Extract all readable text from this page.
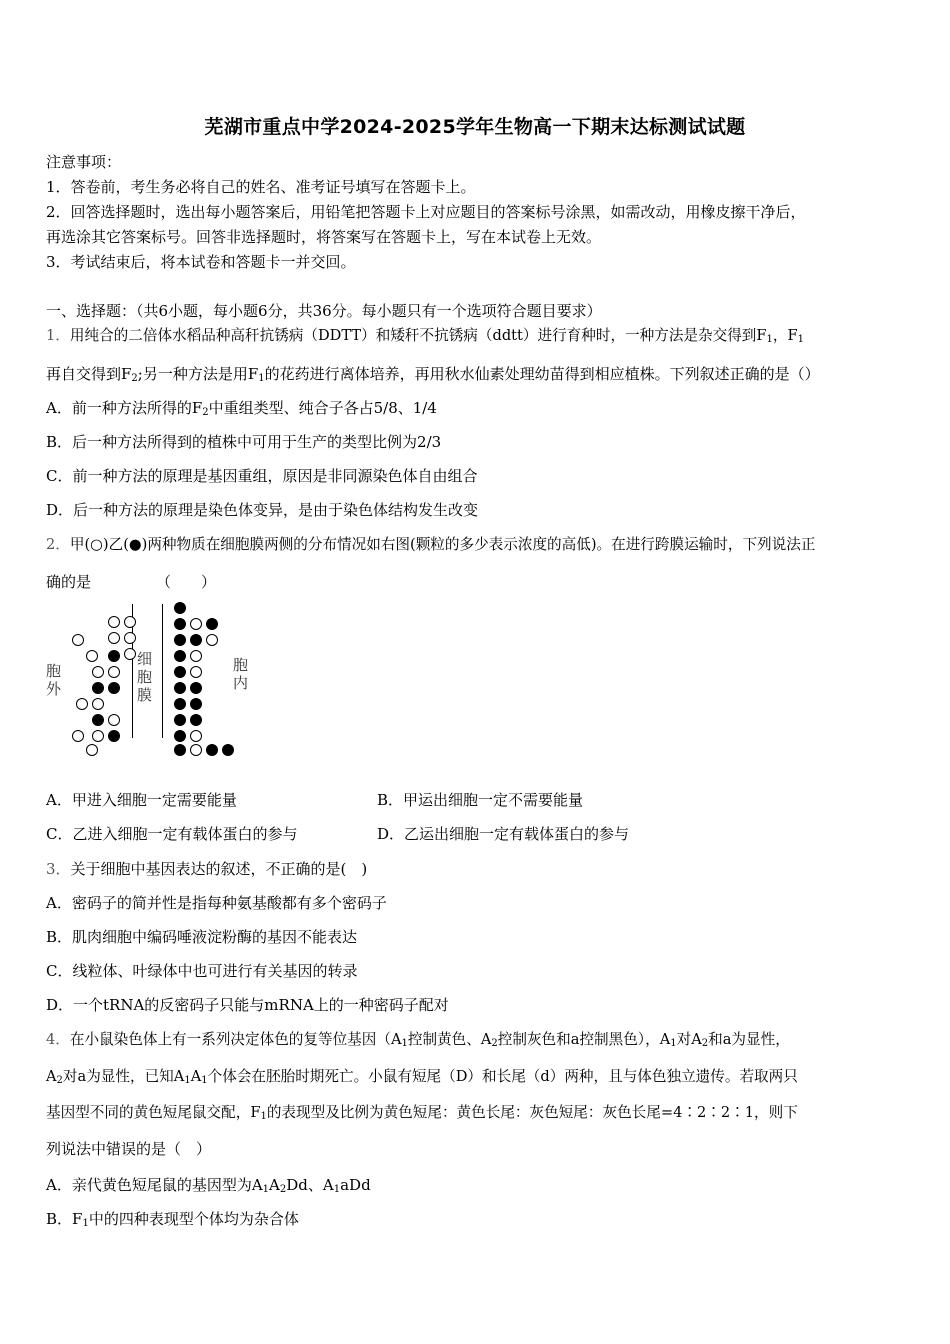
芜湖市重点中学2024-2025学年生物高一下期末达标测试试题
注意事项：
1．答卷前，考生务必将自己的姓名、准考证号填写在答题卡上。
2．回答选择题时，选出每小题答案后，用铅笔把答题卡上对应题目的答案标号涂黑，如需改动，用橡皮擦干净后，
再选涂其它答案标号。回答非选择题时，将答案写在答题卡上，写在本试卷上无效。
3．考试结束后，将本试卷和答题卡一并交回。
一、选择题：（共6小题，每小题6分，共36分。每小题只有一个选项符合题目要求）
1．用纯合的二倍体水稻品种高秆抗锈病（DDTT）和矮秆不抗锈病（ddtt）进行育种时，一种方法是杂交得到$F_1$，$F_1$
再自交得到$F_2$;另一种方法是用$F_1$的花药进行离体培养，再用秋水仙素处理幼苗得到相应植株。下列叙述正确的是（）
A．前一种方法所得的$F_2$中重组类型、纯合子各占5/8、1/4
B．后一种方法所得到的植株中可用于生产的类型比例为2/3
C．前一种方法的原理是基因重组，原因是非同源染色体自由组合
D．后一种方法的原理是染色体变异，是由于染色体结构发生改变
2．甲(○)乙(●)两种物质在细胞膜两侧的分布情况如右图(颗粒的多少表示浓度的高低)。在进行跨膜运输时，下列说法正
确的是	（　　）
胞外
细胞膜
胞内
A．甲进入细胞一定需要能量	B．甲运出细胞一定不需要能量
C．乙进入细胞一定有载体蛋白的参与	D．乙运出细胞一定有载体蛋白的参与
3．关于细胞中基因表达的叙述，不正确的是(　)
A．密码子的简并性是指每种氨基酸都有多个密码子
B．肌肉细胞中编码唾液淀粉酶的基因不能表达
C．线粒体、叶绿体中也可进行有关基因的转录
D．一个tRNA的反密码子只能与mRNA上的一种密码子配对
4．在小鼠染色体上有一系列决定体色的复等位基因（$A_1$控制黄色、$A_2$控制灰色和a控制黑色），$A_1$对$A_2$和a为显性，
$A_2$对a为显性，已知$A_1A_1$个体会在胚胎时期死亡。小鼠有短尾（D）和长尾（d）两种，且与体色独立遗传。若取两只
基因型不同的黄色短尾鼠交配，$F_1$的表现型及比例为黄色短尾：黄色长尾：灰色短尾：灰色长尾=4∶2∶2∶1，则下
列说法中错误的是（　）
A．亲代黄色短尾鼠的基因型为$A_1A_2Dd$、$A_1aDd$
B．$F_1$中的四种表现型个体均为杂合体
